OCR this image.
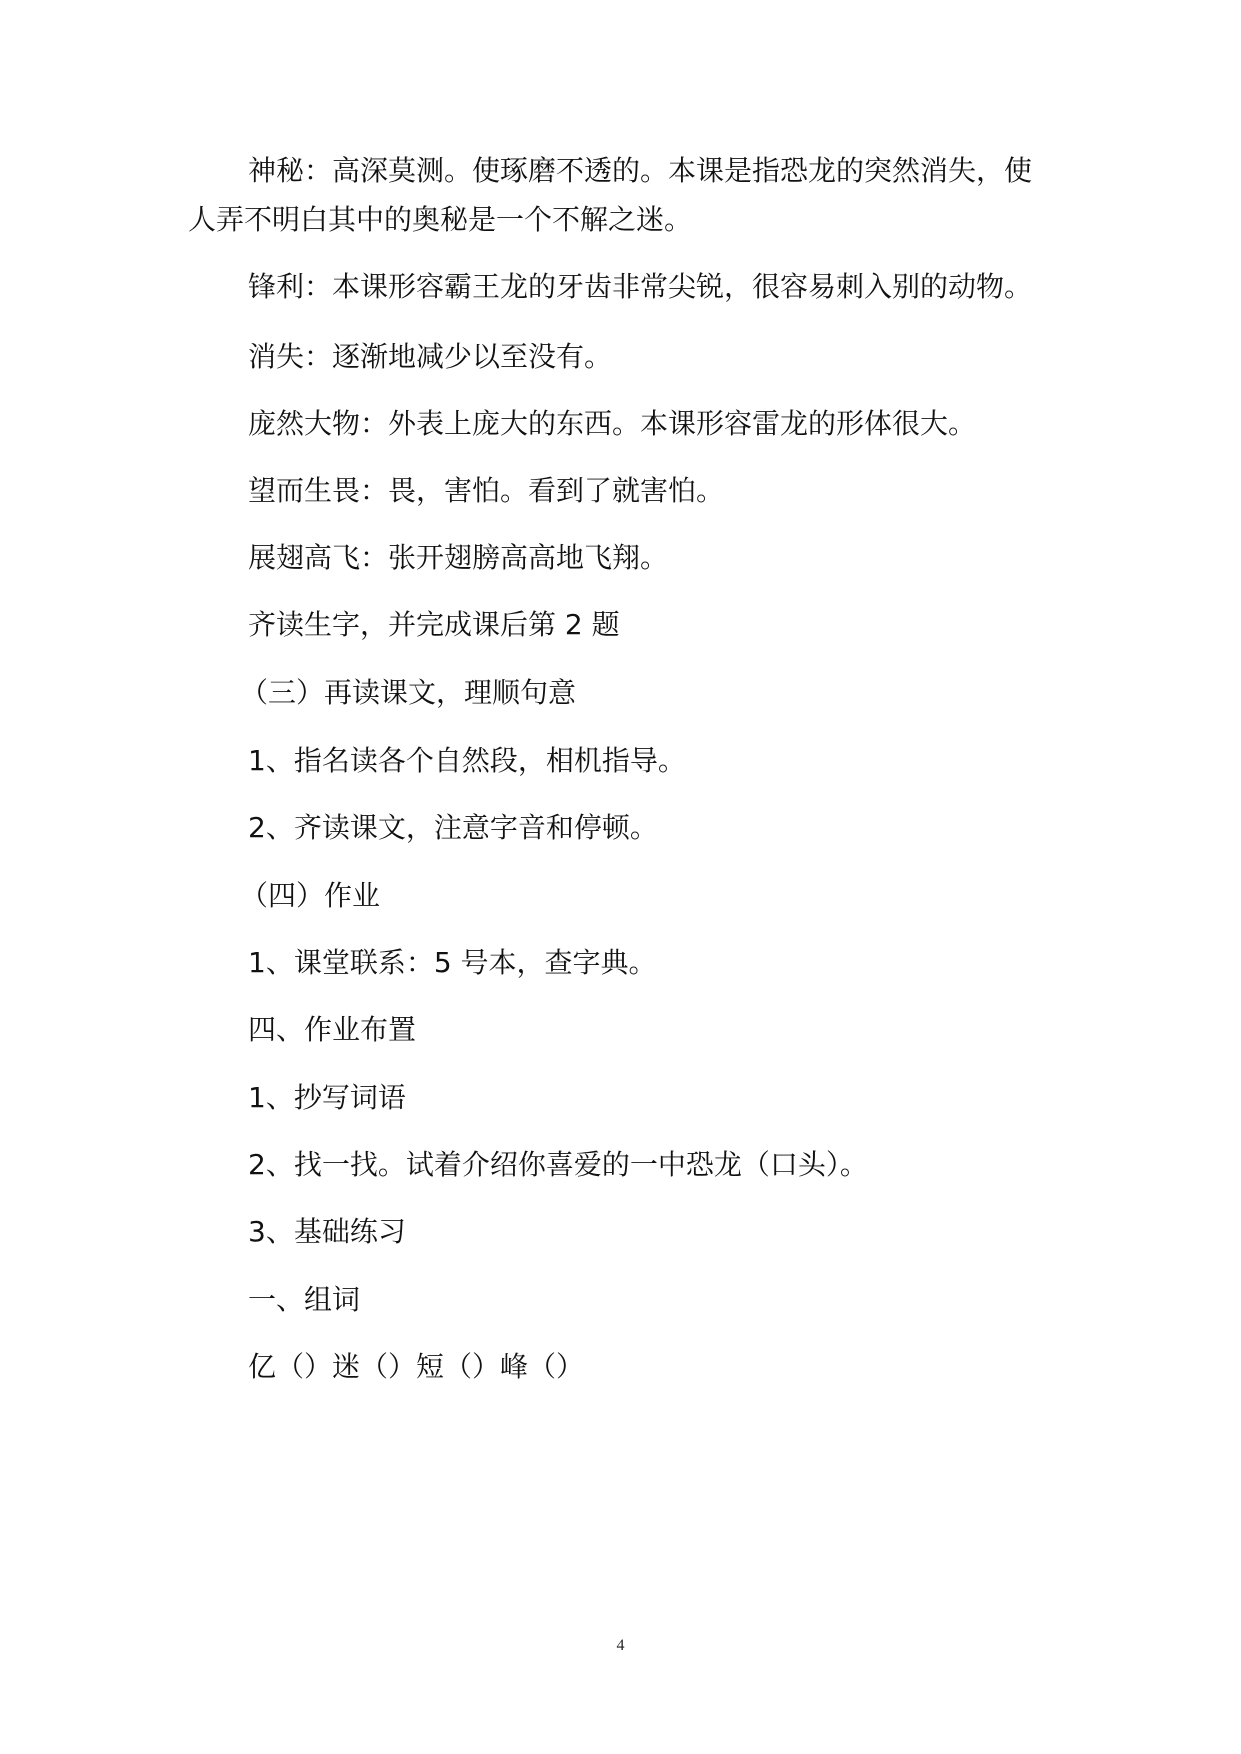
神秘：高深莫测。使琢磨不透的。本课是指恐龙的突然消失，使
人弄不明白其中的奥秘是一个不解之迷。
锋利：本课形容霸王龙的牙齿非常尖锐，很容易刺入别的动物。
消失：逐渐地减少以至没有。
庞然大物：外表上庞大的东西。本课形容雷龙的形体很大。
望而生畏：畏，害怕。看到了就害怕。
展翅高飞：张开翅膀高高地飞翔。
齐读生字，并完成课后第 2 题
（三）再读课文，理顺句意
1、指名读各个自然段，相机指导。
2、齐读课文，注意字音和停顿。
（四）作业
1、课堂联系：5 号本，查字典。
四、作业布置
1、抄写词语
2、找一找。试着介绍你喜爱的一中恐龙（口头）。
3、基础练习
一、组词
亿（）迷（）短（）峰（）
4
